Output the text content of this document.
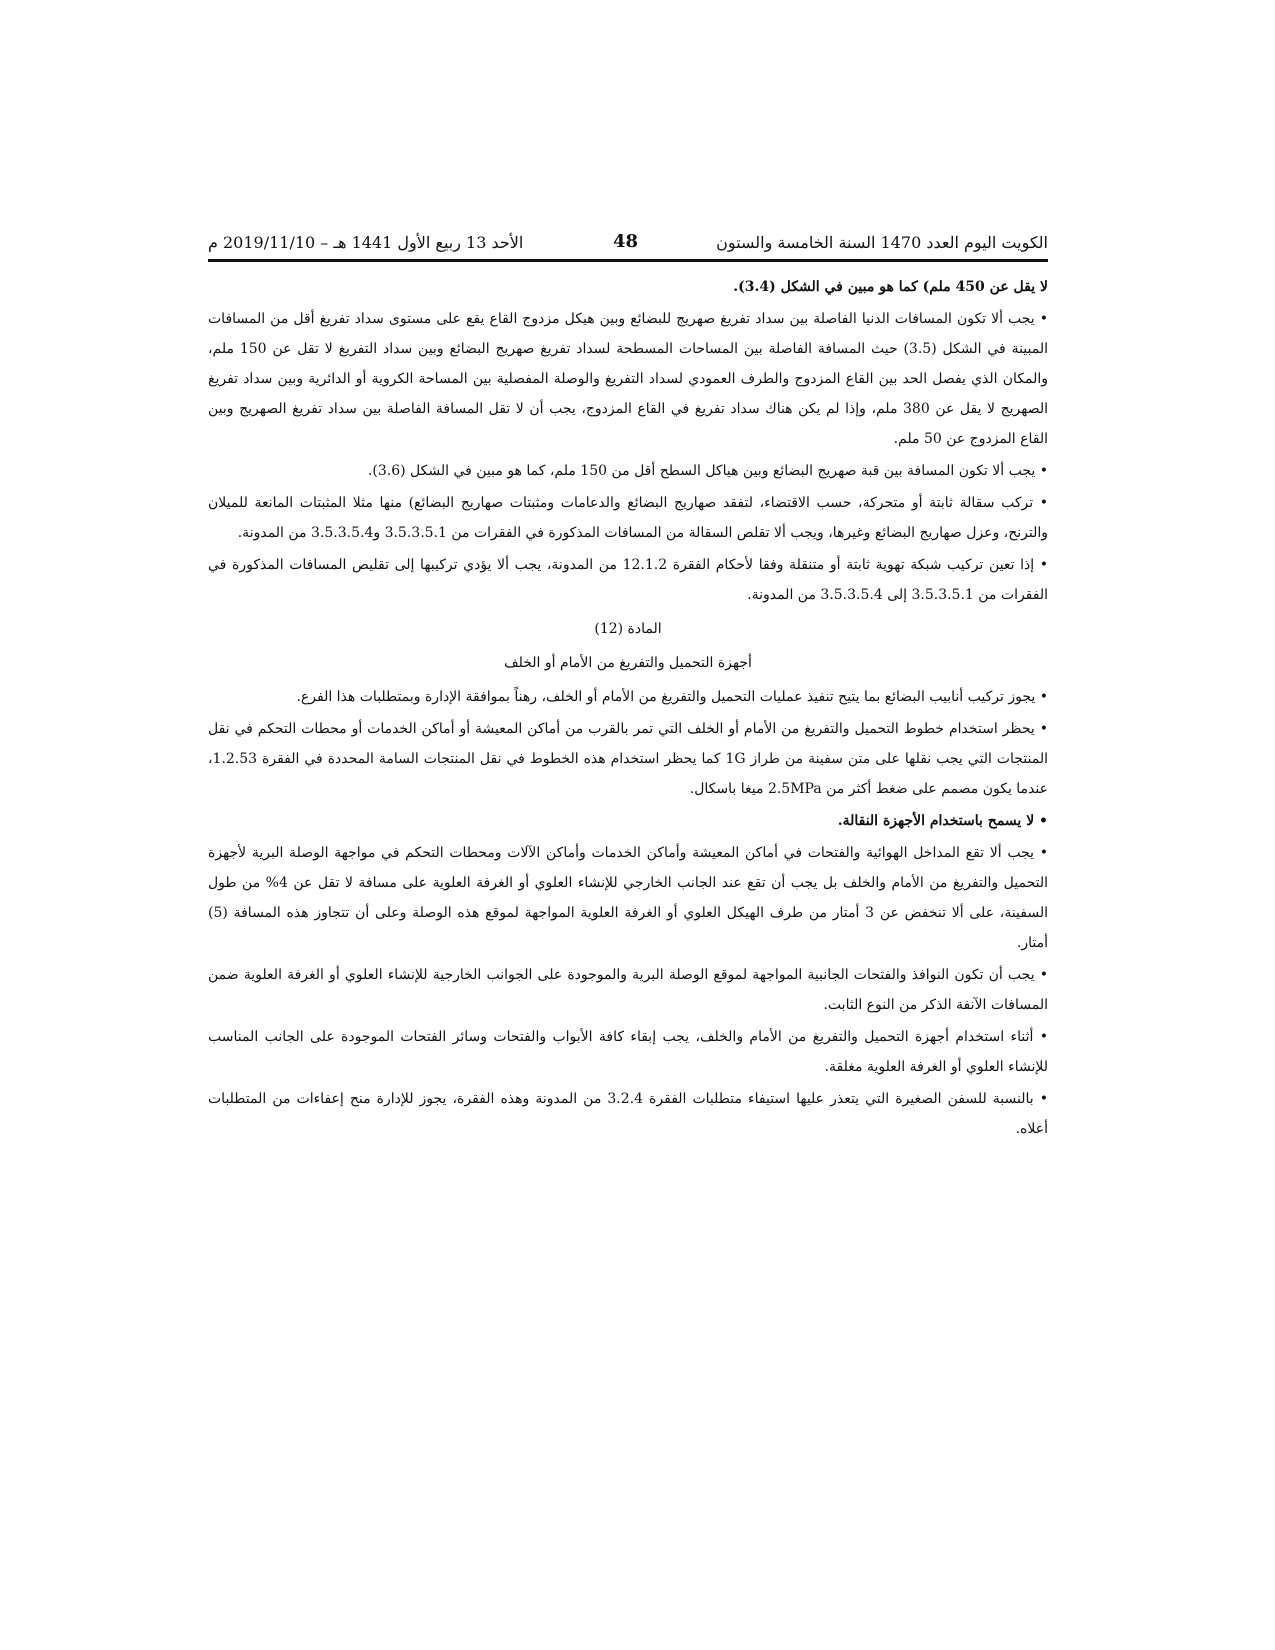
الكويت اليوم العدد 1470 السنة الخامسة والستون
48
الأحد 13 ربيع الأول 1441 هـ – 2019/11/10 م

لا يقل عن 450 ملم) كما هو مبين في الشكل (3.4).

• يجب ألا تكون المسافات الدنيا الفاصلة بين سداد تفريغ صهريج للبضائع وبين هيكل مزدوج القاع يقع على مستوى سداد تفريغ أقل من المسافات المبينة في الشكل (3.5) حيث المسافة الفاصلة بين المساحات المسطحة لسداد تفريغ صهريج البضائع وبين سداد التفريغ لا تقل عن 150 ملم، والمكان الذي يفصل الحد بين القاع المزدوج والطرف العمودي لسداد التفريغ والوصلة المفصلية بين المساحة الكروية أو الدائرية وبين سداد تفريغ الصهريج لا يقل عن 380 ملم، وإذا لم يكن هناك سداد تفريغ في القاع المزدوج، يجب أن لا تقل المسافة الفاصلة بين سداد تفريغ الصهريج وبين القاع المزدوج عن 50 ملم.

• يجب ألا تكون المسافة بين قبة صهريج البضائع وبين هياكل السطح أقل من 150 ملم، كما هو مبين في الشكل (3.6).

• تركب سقالة ثابتة أو متحركة، حسب الاقتضاء، لتفقد صهاريج البضائع والدعامات ومثبتات صهاريج البضائع) منها مثلا المثبتات المانعة للميلان والترنح، وعزل صهاريج البضائع وغيرها، ويجب ألا تقلص السقالة من المسافات المذكورة في الفقرات من 3.5.3.5.1 و3.5.3.5.4 من المدونة.

• إذا تعين تركيب شبكة تهوية ثابتة أو متنقلة وفقا لأحكام الفقرة 12.1.2 من المدونة، يجب ألا يؤدي تركيبها إلى تقليص المسافات المذكورة في الفقرات من 3.5.3.5.1 إلى 3.5.3.5.4 من المدونة.

المادة (12)
أجهزة التحميل والتفريغ من الأمام أو الخلف

• يجوز تركيب أنابيب البضائع بما يتيح تنفيذ عمليات التحميل والتفريغ من الأمام أو الخلف، رهناً بموافقة الإدارة وبمتطلبات هذا الفرع.

• يحظر استخدام خطوط التحميل والتفريغ من الأمام أو الخلف التي تمر بالقرب من أماكن المعيشة أو أماكن الخدمات أو محطات التحكم في نقل المنتجات التي يجب نقلها على متن سفينة من طراز 1G كما يحظر استخدام هذه الخطوط في نقل المنتجات السامة المحددة في الفقرة 1.2.53، عندما يكون مصمم على ضغط أكثر من 2.5MPa ميغا باسكال.

• لا يسمح باستخدام الأجهزة النقالة.

• يجب ألا تقع المداخل الهوائية والفتحات في أماكن المعيشة وأماكن الخدمات وأماكن الآلات ومحطات التحكم في مواجهة الوصلة البرية لأجهزة التحميل والتفريغ من الأمام والخلف بل يجب أن تقع عند الجانب الخارجي للإنشاء العلوي أو الغرفة العلوية على مسافة لا تقل عن 4% من طول السفينة، على ألا تنخفض عن 3 أمتار من طرف الهيكل العلوي أو الغرفة العلوية المواجهة لموقع هذه الوصلة وعلى أن تتجاوز هذه المسافة (5) أمتار.

• يجب أن تكون النوافذ والفتحات الجانبية المواجهة لموقع الوصلة البرية والموجودة على الجوانب الخارجية للإنشاء العلوي أو الغرفة العلوية ضمن المسافات الآنفة الذكر من النوع الثابت.

• أثناء استخدام أجهزة التحميل والتفريغ من الأمام والخلف، يجب إبقاء كافة الأبواب والفتحات وسائر الفتحات الموجودة على الجانب المناسب للإنشاء العلوي أو الغرفة العلوية مغلقة.

• بالنسبة للسفن الصغيرة التي يتعذر عليها استيفاء متطلبات الفقرة 3.2.4 من المدونة وهذه الفقرة، يجوز للإدارة منح إعفاءات من المتطلبات أعلاه.
